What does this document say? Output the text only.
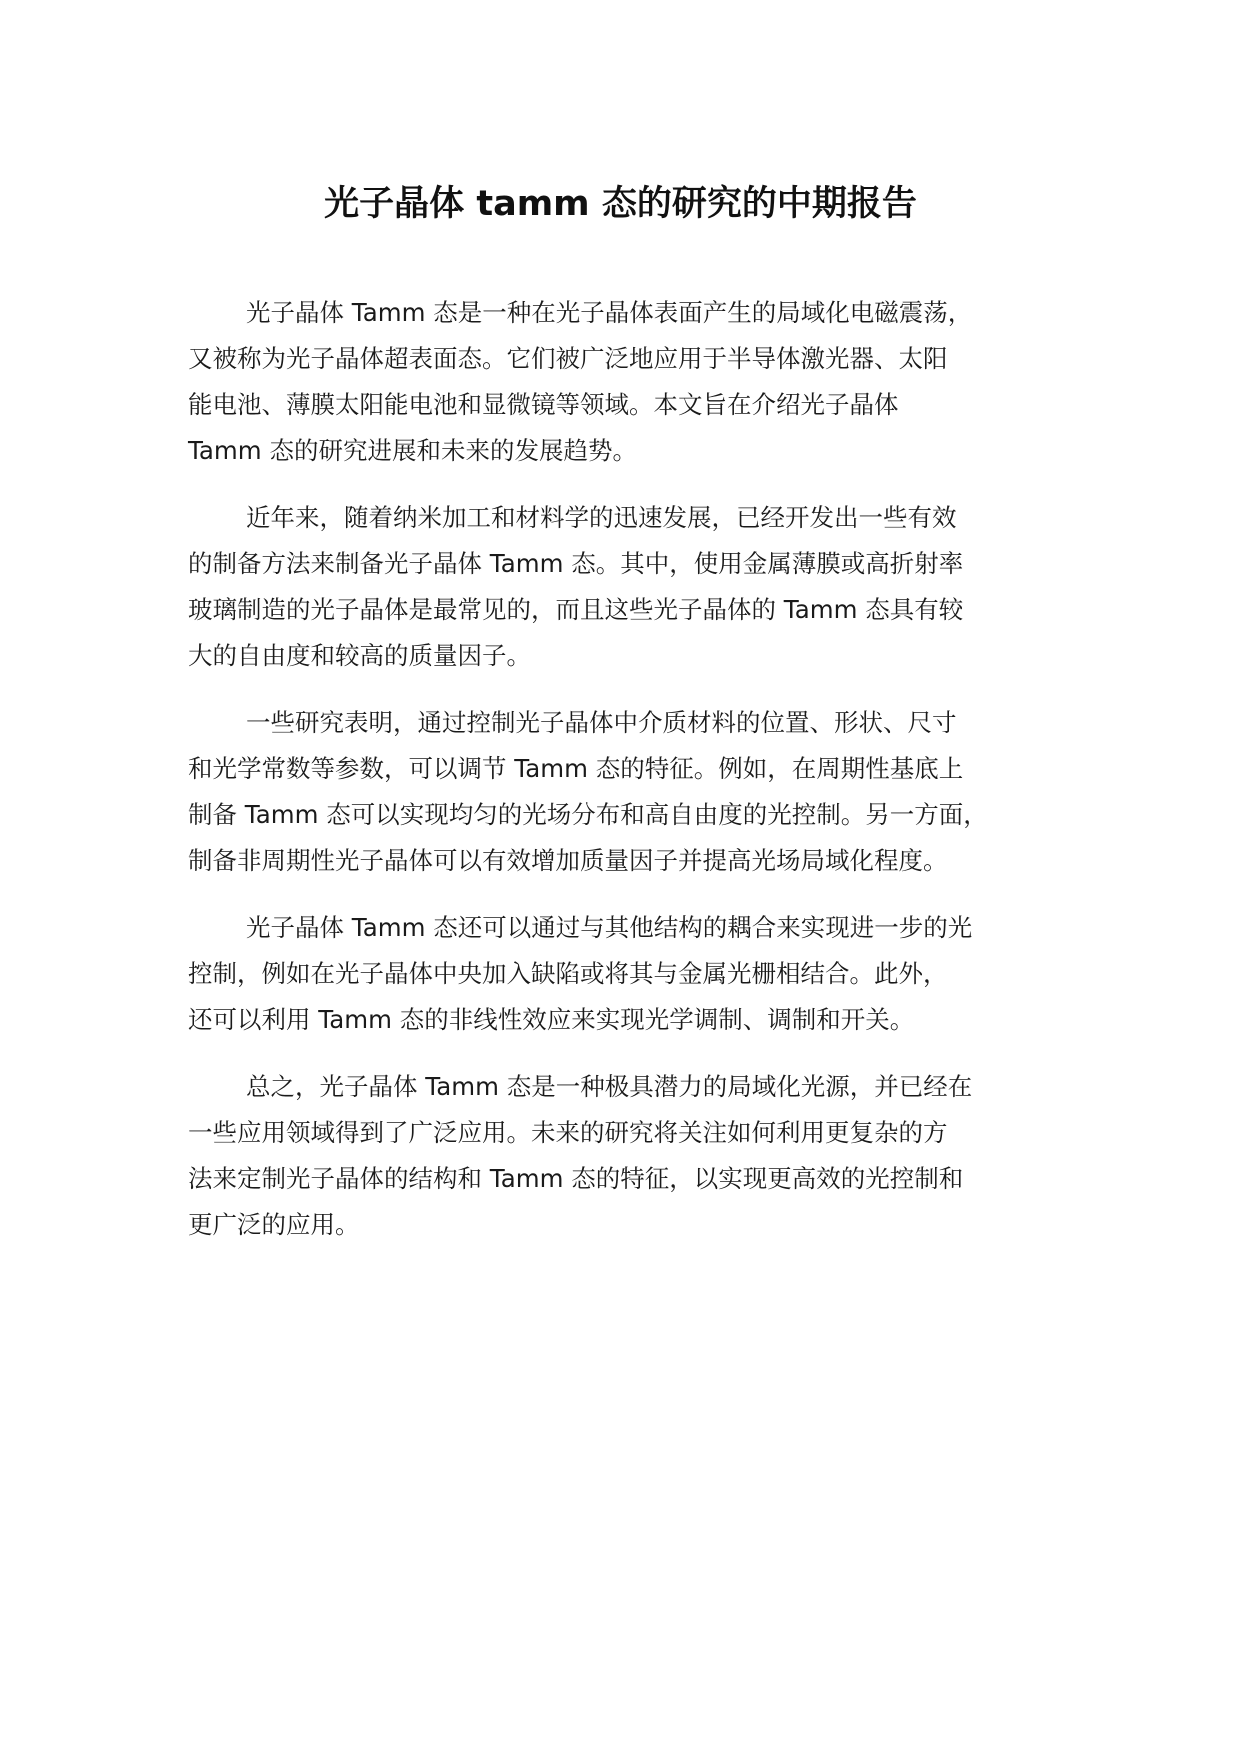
光子晶体 tamm 态的研究的中期报告

光子晶体 Tamm 态是一种在光子晶体表面产生的局域化电磁震荡，
又被称为光子晶体超表面态。它们被广泛地应用于半导体激光器、太阳
能电池、薄膜太阳能电池和显微镜等领域。本文旨在介绍光子晶体
Tamm 态的研究进展和未来的发展趋势。

近年来，随着纳米加工和材料学的迅速发展，已经开发出一些有效
的制备方法来制备光子晶体 Tamm 态。其中，使用金属薄膜或高折射率
玻璃制造的光子晶体是最常见的，而且这些光子晶体的 Tamm 态具有较
大的自由度和较高的质量因子。

一些研究表明，通过控制光子晶体中介质材料的位置、形状、尺寸
和光学常数等参数，可以调节 Tamm 态的特征。例如，在周期性基底上
制备 Tamm 态可以实现均匀的光场分布和高自由度的光控制。另一方面，
制备非周期性光子晶体可以有效增加质量因子并提高光场局域化程度。

光子晶体 Tamm 态还可以通过与其他结构的耦合来实现进一步的光
控制，例如在光子晶体中央加入缺陷或将其与金属光栅相结合。此外，
还可以利用 Tamm 态的非线性效应来实现光学调制、调制和开关。

总之，光子晶体 Tamm 态是一种极具潜力的局域化光源，并已经在
一些应用领域得到了广泛应用。未来的研究将关注如何利用更复杂的方
法来定制光子晶体的结构和 Tamm 态的特征，以实现更高效的光控制和
更广泛的应用。
